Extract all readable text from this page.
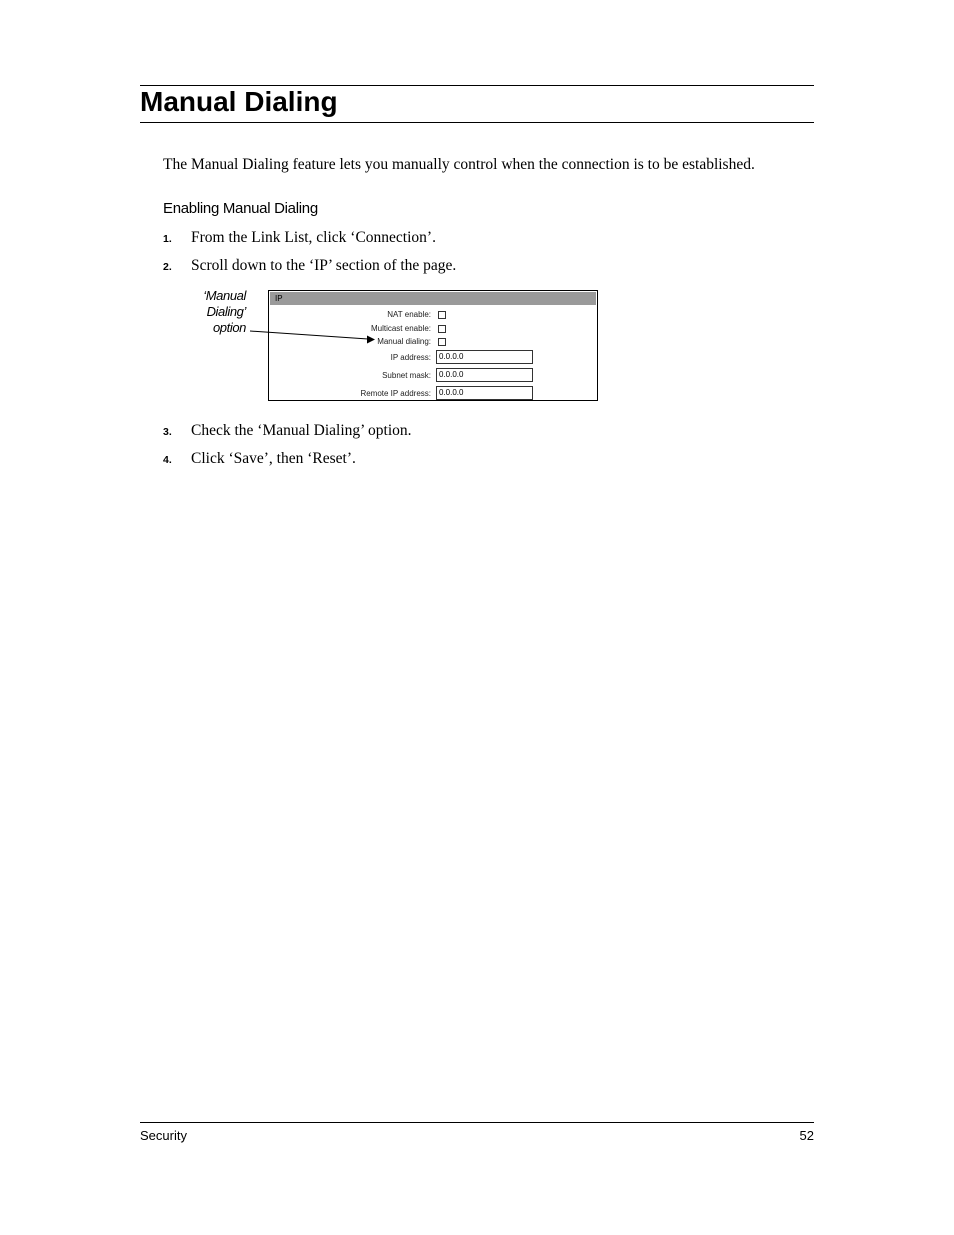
Manual Dialing
The Manual Dialing feature lets you manually control when the connection is to be established.
Enabling Manual Dialing
1. From the Link List, click ‘Connection’.
2. Scroll down to the ‘IP’ section of the page.
‘Manual
Dialing’
option
IP
NAT enable:
Multicast enable:
Manual dialing:
IP address:	0.0.0.0
Subnet mask:	0.0.0.0
Remote IP address:	0.0.0.0
3. Check the ‘Manual Dialing’ option.
4. Click ‘Save’, then ‘Reset’.
Security	52
